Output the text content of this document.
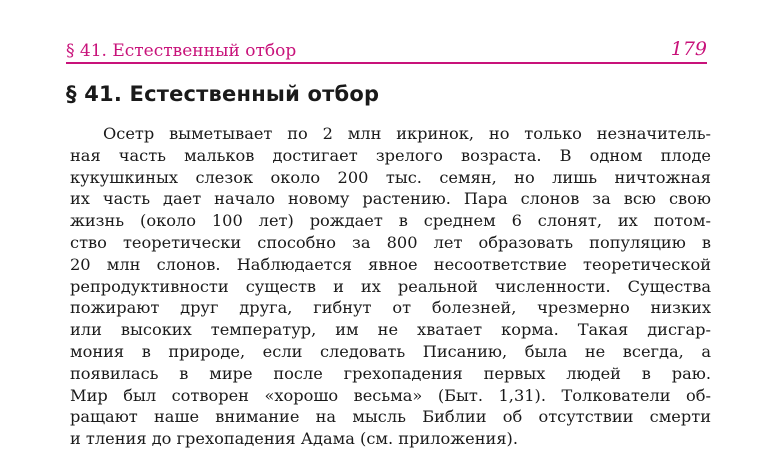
§ 41. Естественный отбор	179
§ 41. Естественный отбор
Осетр выметывает по 2 млн икринок, но только незначитель-
ная часть мальков достигает зрелого возраста. В одном плоде
кукушкиных слезок около 200 тыс. семян, но лишь ничтожная
их часть дает начало новому растению. Пара слонов за всю свою
жизнь (около 100 лет) рождает в среднем 6 слонят, их потом-
ство теоретически способно за 800 лет образовать популяцию в
20 млн слонов. Наблюдается явное несоответствие теоретической
репродуктивности существ и их реальной численности. Существа
пожирают друг друга, гибнут от болезней, чрезмерно низких
или высоких температур, им не хватает корма. Такая дисгар-
мония в природе, если следовать Писанию, была не всегда, а
появилась в мире после грехопадения первых людей в раю.
Мир был сотворен «хорошо весьма» (Быт. 1,31). Толкователи об-
ращают наше внимание на мысль Библии об отсутствии смерти
и тления до грехопадения Адама (см. приложения).
